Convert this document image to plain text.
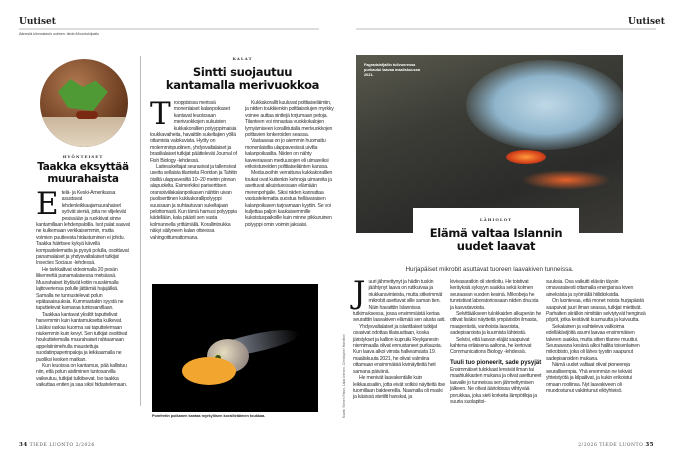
Uutiset
Äänestä kiinnostavin uutinen: tiede.fi/luontokilpailu
HYÖNTEISET
Taakka eksyttää muurahaista
E telä- ja Keski-Amerikassa asustavat lehdenleikkaajamuurahaiset syövät sieniä, joita ne viljelevät pesissään ja ruokkivat sinne kantamillaan lehdenpaloilla. Isot palat saavat ne kulkemaan verkkaisemmin, mutta voimien puutteesta hidastuminen ei johdu. Taakka häiritsee kykyä kävellä kompastelematta ja pysyä polulla, osoittavat panamalaiset ja yhdysvaltalaiset tutkijat Insectes Sociaux -lehdessä.

He tarkkailivat videoimalla 20 pesän liikennettä panamalaisessa metsässä. Muurahaiset löytävät kotiin nuuskimalla lajitoveriensa polulle jättämiä hajujälkiä. Samalla ne tunnustelevat polun epätasaisuuksia. Kummastakin syystä ne taputtelevat kamaraa tuntosarvillaan.

Taakkaa kantavat yksilöt taputtelivat harvemmin kuin kantamuksetta kulkevat. Lisäksi raskas kuorma sai taputtelemaan niukemmin kuin kevyt. Sen tutkijat osoittivat houkuttelemalla muurahaiset rahtaamaan appelsiinimehulla maustettuja suodatinpaperinpaloja ja leikkaamalla ne puoliksi kesken matkan.

Kun leuoissa on kantamus, pää kallistuu niin, että polun aistiminen tuntosarvilla vaikeutuu, tutkijat tulkitsevat. Iso taakka vaikuttaa eniten ja saa siksi hidastelemaan.

KALAT
Sintti suojautuu kantamalla merivuokkoa
T rooppisissa merissä monenlaiset kalanpoikaset kantavat leuoissaan merivuokkojen sukuisten kukkakorallien polyyppimaisia toukkavaiheita, havaittiin sukeltajien yöllä ottamista valokuvista. Hyöty on molemminpuolinen, yhdysvaltalaiset ja brasilialaiset tutkijat päättelevät Journal of Fish Biology -lehdessä.

Laitesukeltajat seurasivat ja tallensivat useita sellaisia tilanteita Floridan ja Tahitin öisiltä ulappavesiltä 10–20 metrin pinnan alapuolelta. Esimerkiksi pariserttisen oranssiviilakalanpoikasen nähtiin uivan puoliserttinen kukkakorallipolyyppi suussaan ja suhtautuvan sukeltajaan pelottomasti. Kun tämä hamusi polyyppia kädellään, kala päästi sen vasta kolmannella yrittämällä. Korallintoukka näkyi säilyneen kalan otteessa vahingoittumattomana.

Kukkakorallit kuuluvat polttiaiseläimiin, ja niiden toukkienkin polttiaisolujen myrkky voinee auttaa sinttejä torjumaan petoja. Tilanteen voi rinnastaa vuokkokalojen lymyämiseen koralliriutalla merivuokkojen polttavien lonkeroiden seassa.

Vastaavaa on jo aiemmin huomattu monenlaisilta ulappavesissä uivilta kalanpoikasilta. Niiden on nähty kaveeraavan meduusojen eli uimareiksi erikoistuneiden polttiaiseläinten kanssa.

Meduusoihin verrattuna kukkakorallien toukat ovat kuitenkin kehnoja uimareita ja asettuvat aikuistuessaan elämään merenpohjalle. Siksi niiden kannattaa vastustelematta suostua hellävaraisen kalanpoikasen tarjoamaan kyytiin. Se voi kuljettaa paljon kaukaisemmille kukoistuspaikoille kuin minne pikkuruinen polyyppi omin voimin jaksaisi.

Pomfretin poikanen kantaa myrkyllisen korallieläimen toukkaa.
34 TIEDE LUONTO 2/2026
Uutiset
Fagradalsfjallin tulivuoressa purkautui laavaa maaliskuussa 2021.
LÄHIOLOT
Elämä valtaa Islannin uudet laavat
Hurjapäiset mikrobit asuttavat tuoreen laavakiven tunneissa.
Kuvat: Steven Paton, Lada Iversen, Christopher Hamilton
J uuri jähmettynyt ja hädin tuskin jäähtynyt laava on rutikuivaa ja niukkaravinteista, mutta sitkeimmät mikrobit asettuvat sille saman tien. Näin havaittiin Islannissa tutkimuksessa, jossa ensimmäistä kertaa seurattiin laavakiven elämää sen alusta asti.

Yhdysvaltalaiset ja islantilaiset tutkijat osasivat odottaa tilaisuuttaan, koska järistykset ja kallion kupruilu Reykjanesin niemimaalla olivat ennustaneet purkausta. Kun laava alkoi virrata halkeamasta 19. maaliskuuta 2021, he olivat valmiina ottamaan ensimmäisiä kivinäytteitä heti samana päivänä.

He menivät laavakentälle kuin leikkaussaliin, jotta eivät sotkisi näytteitä itse tuomillaan bakteereilla. Naamalla oli maski ja käsissä steriilit hanskat, ja

kivivasaratkin oli steriloitu. He toistivat keräyksiä syksyyn saakka sekä kolmen seuraavan vuoden kesinä. Mikrobeja he tunnistivat laboratoriossaan niiden dna:sta ja kasvutavoista.

Selvittääkseen tulokkaiden alkuperän he ottivat lisäksi näytteitä ympäristön ilmasta, maaperästä, vanhoista laavoista, sadepisaroista ja kuumista lähteistä.

Selvisi, että laavan eläjät saapuivat kahtena erilaisena aaltona, he kertovat Communications Biology -lehdessä.

Tuuli tuo pioneerit, sade pysyjät

Ensimmäiset tulokkaat lensivät ilman tai maahiukkasten mukana ja olivat asettuneet laavalle jo tunneissa sen jähmettymisen jälkeen. Ne olivat äärioloissa viihtyvää porukkaa, joka sieti korkeita lämpötiloja ja suuria suolapitoi-

suuksia. Osa vaikutti elävän täysin omavaraisesti ottamalla energiansa kiven aineksista ja syömällä hiilidioksidia.

On luontevaa, että monet noista hurjapäistä saapuivat juuri ilman seassa, tutkijat miettivät. Parhaiten siirälkin nimittäin selviytyvät henginsä pöpöt, jotka kestävät kuumuutta ja kuivuutta.

Sekalainen ja vaihteleva valikoima edelläkävijöitä asumi laavaa ensimmäisen talveen saakka, mutta sitten tilanne muuttui. Seuraavana kesänä alkoi hallita toisenlainen mikrobisto, joka oli lähes tyystin saapunut sadepisaroiden mukana.

Nämä uudet valtiaat olivat pioneereja seurallisempia. Yhä enemmän ne tekivät yhteistyötä ja kilpailivat, ja kukin erikoistui omaan rooliinsa. Nyt laavakiveen oli muodostunut vakiintunut eliöyhteisö.

2/2026 TIEDE LUONTO 35
